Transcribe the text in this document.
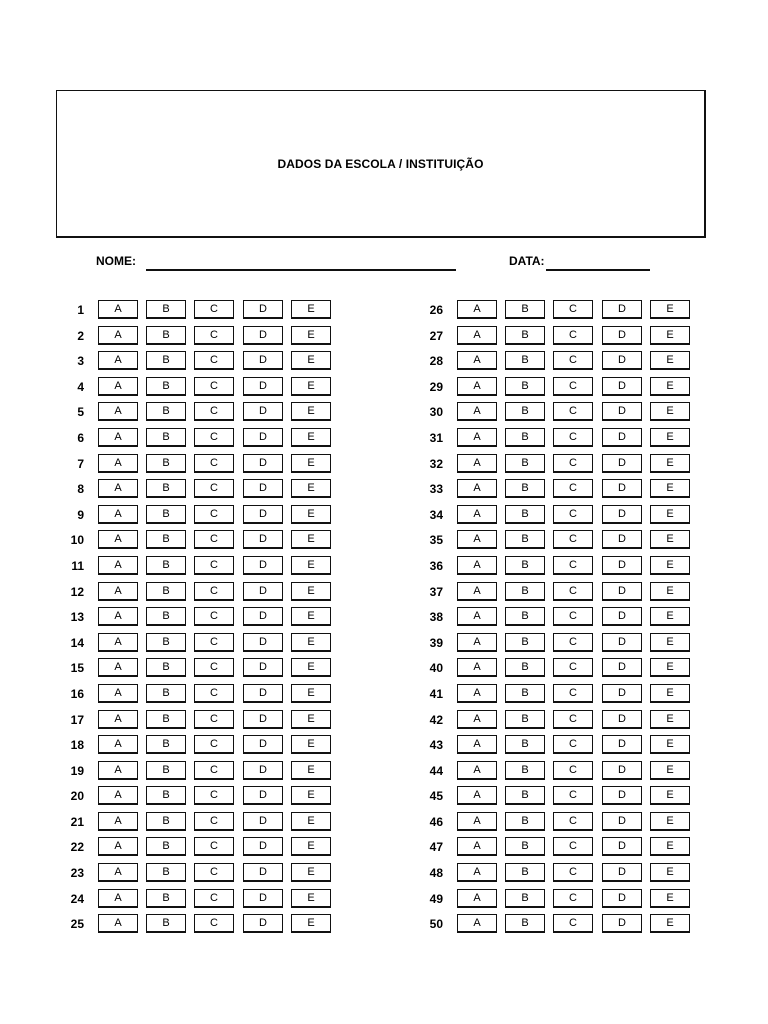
DADOS DA ESCOLA / INSTITUIÇÃO
NOME:	DATA:
1	A	B	C	D	E
2	A	B	C	D	E
3	A	B	C	D	E
4	A	B	C	D	E
5	A	B	C	D	E
6	A	B	C	D	E
7	A	B	C	D	E
8	A	B	C	D	E
9	A	B	C	D	E
10	A	B	C	D	E
11	A	B	C	D	E
12	A	B	C	D	E
13	A	B	C	D	E
14	A	B	C	D	E
15	A	B	C	D	E
16	A	B	C	D	E
17	A	B	C	D	E
18	A	B	C	D	E
19	A	B	C	D	E
20	A	B	C	D	E
21	A	B	C	D	E
22	A	B	C	D	E
23	A	B	C	D	E
24	A	B	C	D	E
25	A	B	C	D	E
26	A	B	C	D	E
27	A	B	C	D	E
28	A	B	C	D	E
29	A	B	C	D	E
30	A	B	C	D	E
31	A	B	C	D	E
32	A	B	C	D	E
33	A	B	C	D	E
34	A	B	C	D	E
35	A	B	C	D	E
36	A	B	C	D	E
37	A	B	C	D	E
38	A	B	C	D	E
39	A	B	C	D	E
40	A	B	C	D	E
41	A	B	C	D	E
42	A	B	C	D	E
43	A	B	C	D	E
44	A	B	C	D	E
45	A	B	C	D	E
46	A	B	C	D	E
47	A	B	C	D	E
48	A	B	C	D	E
49	A	B	C	D	E
50	A	B	C	D	E
